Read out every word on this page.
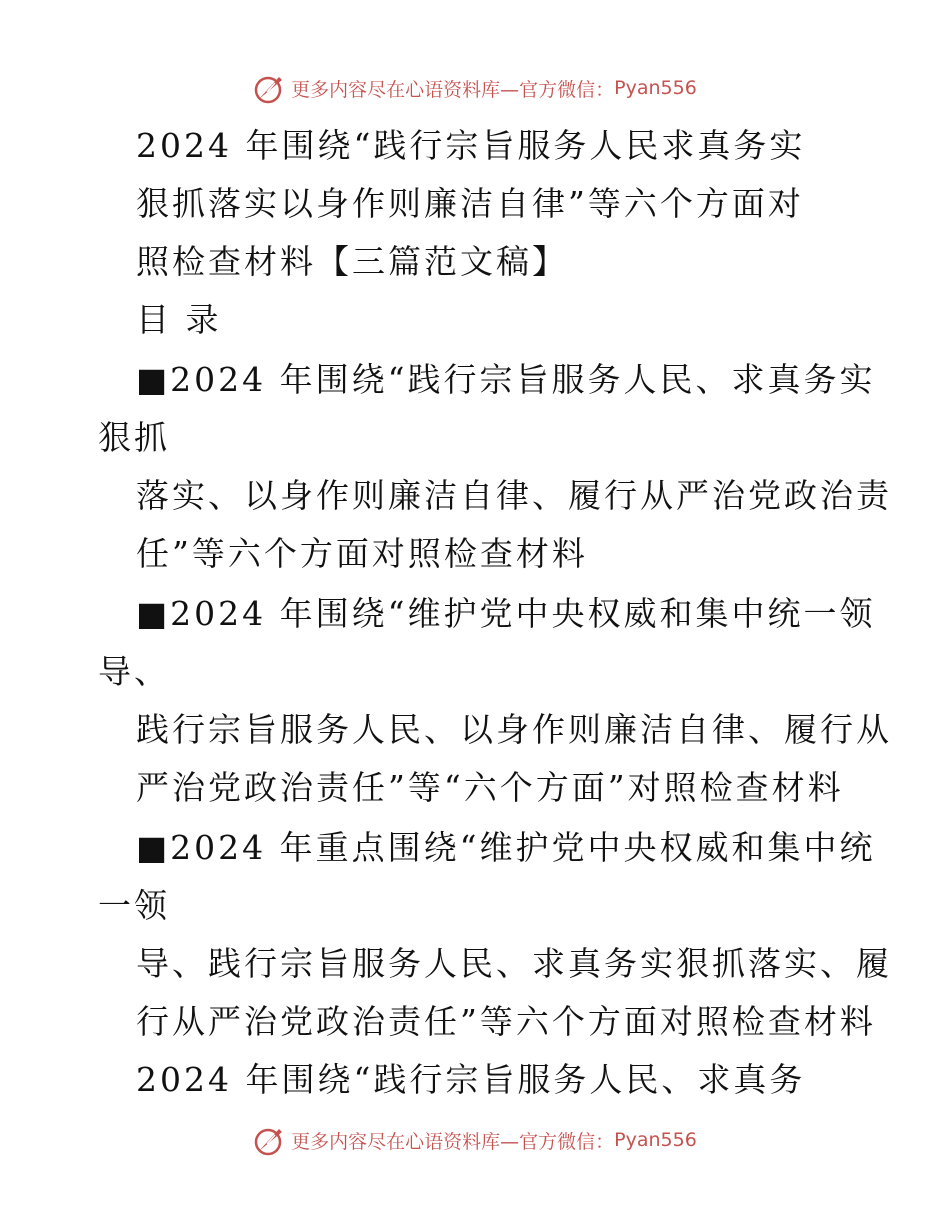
更多内容尽在心语资料库—官方微信： Pyan556
2024 年围绕“践行宗旨服务人民求真务实
狠抓落实以身作则廉洁自律”等六个方面对
照检查材料【三篇范文稿】
目 录
■2024 年围绕“践行宗旨服务人民、求真务实
狠抓
落实、以身作则廉洁自律、履行从严治党政治责
任”等六个方面对照检查材料
■2024 年围绕“维护党中央权威和集中统一领
导、
践行宗旨服务人民、以身作则廉洁自律、履行从
严治党政治责任”等“六个方面”对照检查材料
■2024 年重点围绕“维护党中央权威和集中统
一领
导、践行宗旨服务人民、求真务实狠抓落实、履
行从严治党政治责任”等六个方面对照检查材料
2024 年围绕“践行宗旨服务人民、求真务
更多内容尽在心语资料库—官方微信： Pyan556
